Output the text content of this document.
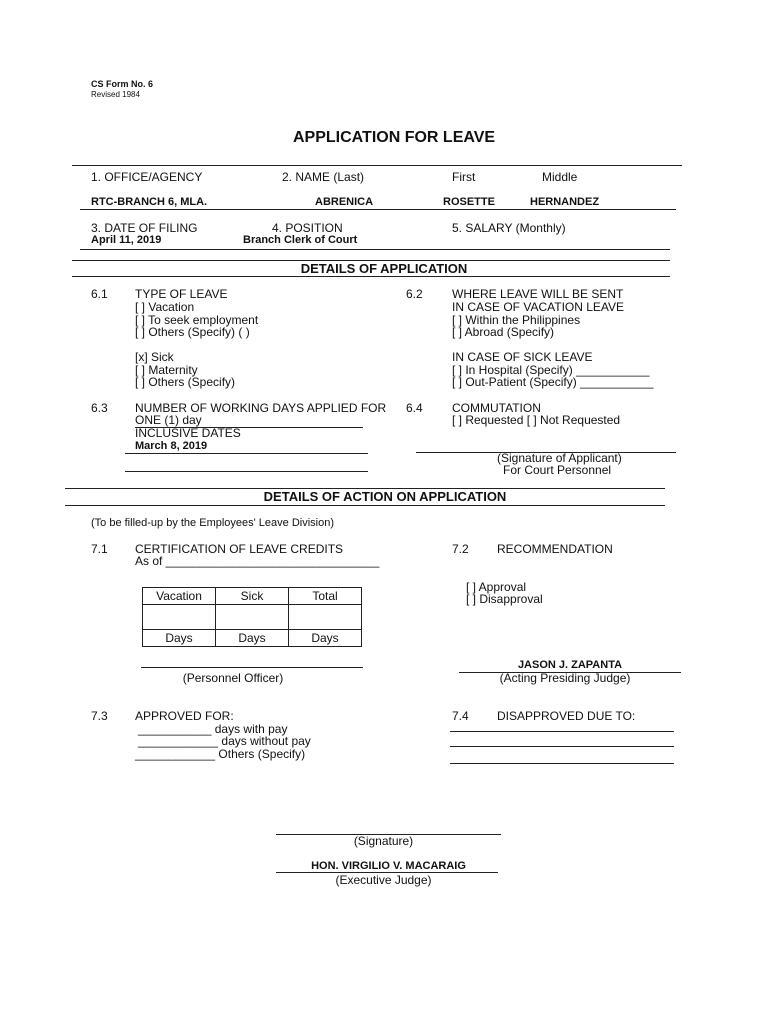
CS Form No. 6
Revised 1984
APPLICATION FOR LEAVE
1. OFFICE/AGENCY	2. NAME (Last)	First	Middle
RTC-BRANCH 6, MLA.	ABRENICA	ROSETTE	HERNANDEZ
3. DATE OF FILING	4. POSITION	5. SALARY (Monthly)
April 11, 2019	Branch Clerk of Court
DETAILS OF APPLICATION
6.1 TYPE OF LEAVE
[ ] Vacation
[ ] To seek employment
[ ] Others (Specify) ( )
[x] Sick
[ ] Maternity
[ ] Others (Specify)
6.2 WHERE LEAVE WILL BE SENT
IN CASE OF VACATION LEAVE
[ ] Within the Philippines
[ ] Abroad (Specify)
IN CASE OF SICK LEAVE
[ ] In Hospital (Specify) ___________
[ ] Out-Patient (Specify) ___________
6.3 NUMBER OF WORKING DAYS APPLIED FOR
ONE (1) day
INCLUSIVE DATES
March 8, 2019
6.4 COMMUTATION
[ ] Requested [ ] Not Requested
(Signature of Applicant)
For Court Personnel
DETAILS OF ACTION ON APPLICATION
(To be filled-up by the Employees' Leave Division)
7.1 CERTIFICATION OF LEAVE CREDITS
As of ________________________________
Vacation	Sick	Total

Days	Days	Days
7.2 RECOMMENDATION
[ ] Approval
[ ] Disapproval
(Personnel Officer)
JASON J. ZAPANTA
(Acting Presiding Judge)
7.3 APPROVED FOR:
___________ days with pay
____________ days without pay
____________ Others (Specify)
7.4 DISAPPROVED DUE TO:
(Signature)
HON. VIRGILIO V. MACARAIG
(Executive Judge)
